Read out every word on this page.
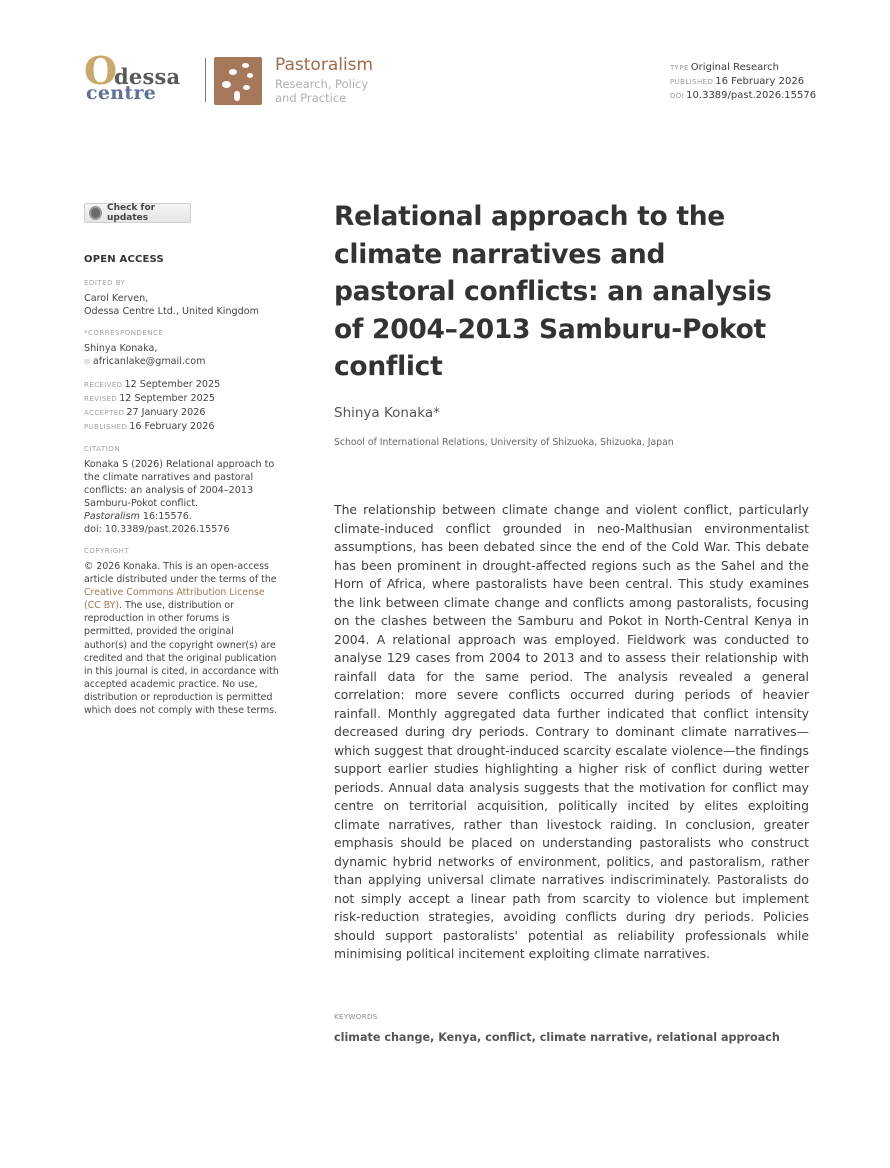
O
dessa
centre
Pastoralism
Research, Policy
and Practice
TYPE Original Research
PUBLISHED 16 February 2026
DOI 10.3389/past.2026.15576
Check for updates
OPEN ACCESS
EDITED BY
Carol Kerven,
Odessa Centre Ltd., United Kingdom
*CORRESPONDENCE
Shinya Konaka,
✉ africanlake@gmail.com
RECEIVED 12 September 2025
REVISED 12 September 2025
ACCEPTED 27 January 2026
PUBLISHED 16 February 2026
CITATION
Konaka S (2026) Relational approach to the climate narratives and pastoral conflicts: an analysis of 2004–2013 Samburu-Pokot conflict.
Pastoralism 16:15576.
doi: 10.3389/past.2026.15576
COPYRIGHT
© 2026 Konaka. This is an open-access article distributed under the terms of the Creative Commons Attribution License (CC BY). The use, distribution or reproduction in other forums is permitted, provided the original author(s) and the copyright owner(s) are credited and that the original publication in this journal is cited, in accordance with accepted academic practice. No use, distribution or reproduction is permitted which does not comply with these terms.
Relational approach to the climate narratives and pastoral conflicts: an analysis of 2004–2013 Samburu-Pokot conflict
Shinya Konaka*
School of International Relations, University of Shizuoka, Shizuoka, Japan

The relationship between climate change and violent conflict, particularly climate-induced conflict grounded in neo-Malthusian environmentalist assumptions, has been debated since the end of the Cold War. This debate has been prominent in drought-affected regions such as the Sahel and the Horn of Africa, where pastoralists have been central. This study examines the link between climate change and conflicts among pastoralists, focusing on the clashes between the Samburu and Pokot in North-Central Kenya in 2004. A relational approach was employed. Fieldwork was conducted to analyse 129 cases from 2004 to 2013 and to assess their relationship with rainfall data for the same period. The analysis revealed a general correlation: more severe conflicts occurred during periods of heavier rainfall. Monthly aggregated data further indicated that conflict intensity decreased during dry periods. Contrary to dominant climate narratives—which suggest that drought-induced scarcity escalate violence—the findings support earlier studies highlighting a higher risk of conflict during wetter periods. Annual data analysis suggests that the motivation for conflict may centre on territorial acquisition, politically incited by elites exploiting climate narratives, rather than livestock raiding. In conclusion, greater emphasis should be placed on understanding pastoralists who construct dynamic hybrid networks of environment, politics, and pastoralism, rather than applying universal climate narratives indiscriminately. Pastoralists do not simply accept a linear path from scarcity to violence but implement risk-reduction strategies, avoiding conflicts during dry periods. Policies should support pastoralists' potential as reliability professionals while minimising political incitement exploiting climate narratives.

KEYWORDS
climate change, Kenya, conflict, climate narrative, relational approach
